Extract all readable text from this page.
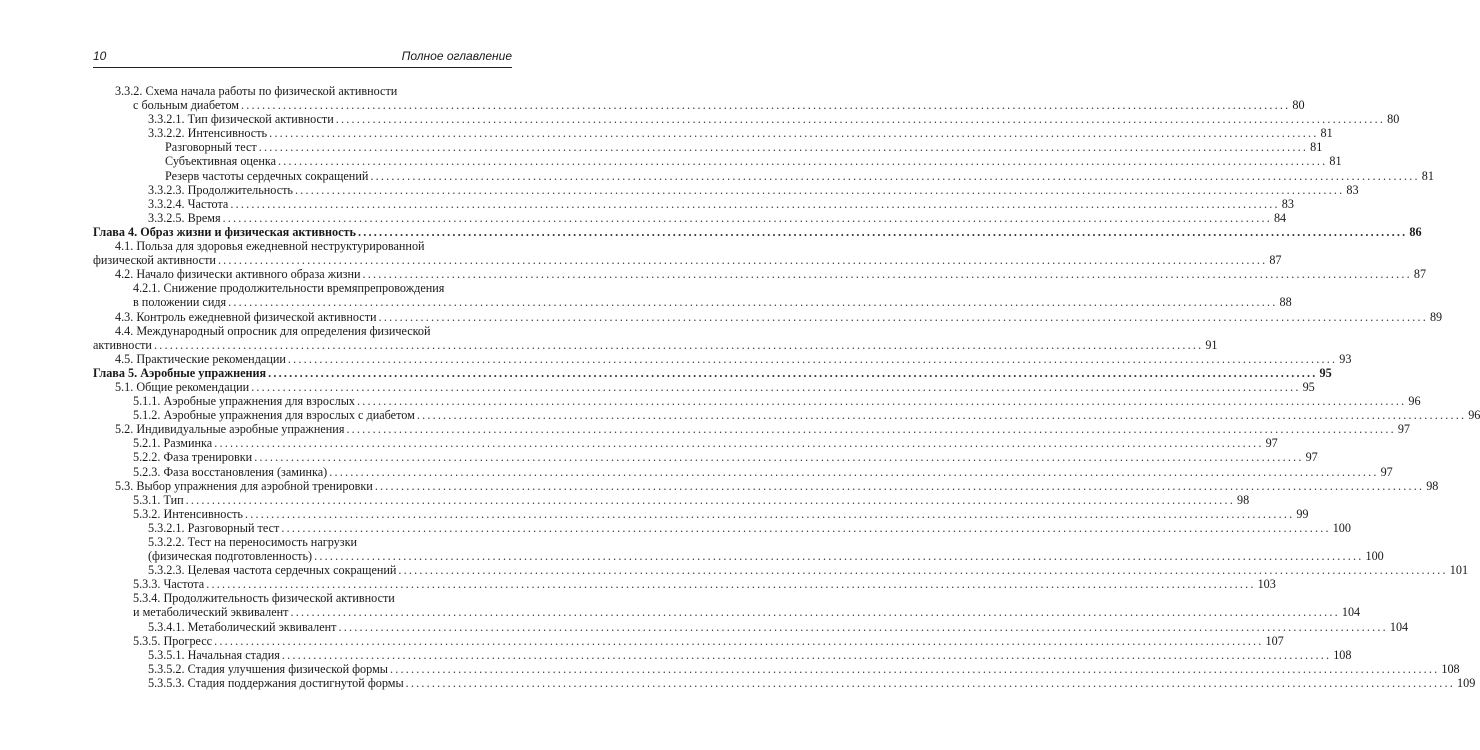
10	Полное оглавление
3.3.2. Схема начала работы по физической активности
с больным диабетом ........................................................................................................................................................................................................ 80
3.3.2.1. Тип физической активности ........................................................................................................................................................................................................ 80
3.3.2.2. Интенсивность ........................................................................................................................................................................................................ 81
Разговорный тест ........................................................................................................................................................................................................ 81
Субъективная оценка ........................................................................................................................................................................................................ 81
Резерв частоты сердечных сокращений ........................................................................................................................................................................................................ 81
3.3.2.3. Продолжительность ........................................................................................................................................................................................................ 83
3.3.2.4. Частота ........................................................................................................................................................................................................ 83
3.3.2.5. Время ........................................................................................................................................................................................................ 84
Глава 4. Образ жизни и физическая активность ........................................................................................................................................................................................................ 86
4.1. Польза для здоровья ежедневной неструктурированной
физической активности ........................................................................................................................................................................................................ 87
4.2. Начало физически активного образа жизни ........................................................................................................................................................................................................ 87
4.2.1. Снижение продолжительности времяпрепровождения
в положении сидя ........................................................................................................................................................................................................ 88
4.3. Контроль ежедневной физической активности ........................................................................................................................................................................................................ 89
4.4. Международный опросник для определения физической
активности ........................................................................................................................................................................................................ 91
4.5. Практические рекомендации ........................................................................................................................................................................................................ 93
Глава 5. Аэробные упражнения ........................................................................................................................................................................................................ 95
5.1. Общие рекомендации ........................................................................................................................................................................................................ 95
5.1.1. Аэробные упражнения для взрослых ........................................................................................................................................................................................................ 96
5.1.2. Аэробные упражнения для взрослых с диабетом ........................................................................................................................................................................................................ 96
5.2. Индивидуальные аэробные упражнения ........................................................................................................................................................................................................ 97
5.2.1. Разминка ........................................................................................................................................................................................................ 97
5.2.2. Фаза тренировки ........................................................................................................................................................................................................ 97
5.2.3. Фаза восстановления (заминка) ........................................................................................................................................................................................................ 97
5.3. Выбор упражнения для аэробной тренировки ........................................................................................................................................................................................................ 98
5.3.1. Тип ........................................................................................................................................................................................................ 98
5.3.2. Интенсивность ........................................................................................................................................................................................................ 99
5.3.2.1. Разговорный тест ........................................................................................................................................................................................................ 100
5.3.2.2. Тест на переносимость нагрузки
(физическая подготовленность) ........................................................................................................................................................................................................ 100
5.3.2.3. Целевая частота сердечных сокращений ........................................................................................................................................................................................................ 101
5.3.3. Частота ........................................................................................................................................................................................................ 103
5.3.4. Продолжительность физической активности
и метаболический эквивалент ........................................................................................................................................................................................................ 104
5.3.4.1. Метаболический эквивалент ........................................................................................................................................................................................................ 104
5.3.5. Прогресс ........................................................................................................................................................................................................ 107
5.3.5.1. Начальная стадия ........................................................................................................................................................................................................ 108
5.3.5.2. Стадия улучшения физической формы ........................................................................................................................................................................................................ 108
5.3.5.3. Стадия поддержания достигнутой формы ........................................................................................................................................................................................................ 109
